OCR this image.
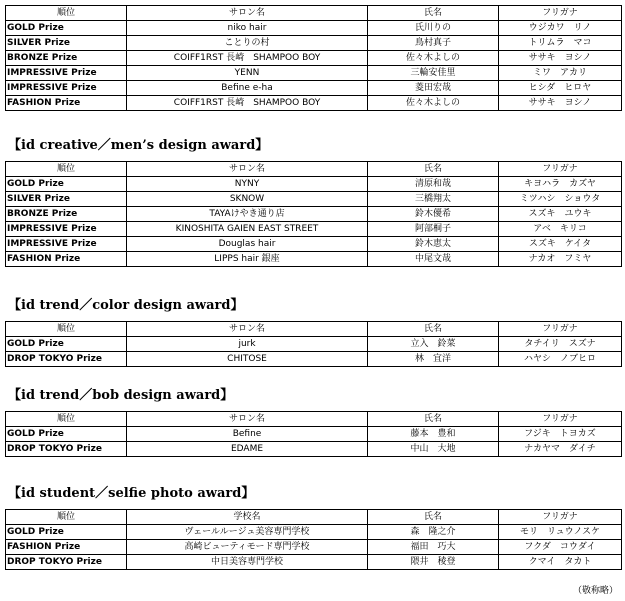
順位	サロン名	氏名	フリガナ
GOLD Prize	niko hair	氏川りの	ウジカワ　リノ
SILVER Prize	ことりの村	鳥村真子	トリムラ　マコ
BRONZE Prize	COIFF1RST 長崎　SHAMPOO BOY	佐々木よしの	ササキ　ヨシノ
IMPRESSIVE Prize	YENN	三輪安佳里	ミワ　アカリ
IMPRESSIVE Prize	Befine e-ha	菱田宏哉	ヒシダ　ヒロヤ
FASHION Prize	COIFF1RST 長崎　SHAMPOO BOY	佐々木よしの	ササキ　ヨシノ
【id creative／men’s design award】
順位	サロン名	氏名	フリガナ
GOLD Prize	NYNY	清原和哉	キヨハラ　カズヤ
SILVER Prize	SKNOW	三橋翔太	ミツハシ　ショウタ
BRONZE Prize	TAYAけやき通り店	鈴木優希	スズキ　ユウキ
IMPRESSIVE Prize	KINOSHITA GAIEN EAST STREET	阿部桐子	アベ　キリコ
IMPRESSIVE Prize	Douglas hair	鈴木恵太	スズキ　ケイタ
FASHION Prize	LIPPS hair 銀座	中尾文哉	ナカオ　フミヤ
【id trend／color design award】
順位	サロン名	氏名	フリガナ
GOLD Prize	jurk	立入　鈴菜	タチイリ　スズナ
DROP TOKYO Prize	CHITOSE	林　宜洋	ハヤシ　ノブヒロ
【id trend／bob design award】
順位	サロン名	氏名	フリガナ
GOLD Prize	Befine	藤本　豊和	フジキ　トヨカズ
DROP TOKYO Prize	EDAME	中山　大地	ナカヤマ　ダイチ
【id student／selfie photo award】
順位	学校名	氏名	フリガナ
GOLD Prize	ヴェールルージュ美容専門学校	森　隆之介	モリ　リュウノスケ
FASHION Prize	高崎ビューティモード専門学校	福田　巧大	フクダ　コウダイ
DROP TOKYO Prize	中日美容専門学校	隈井　稜登	クマイ　タカト
（敬称略）
